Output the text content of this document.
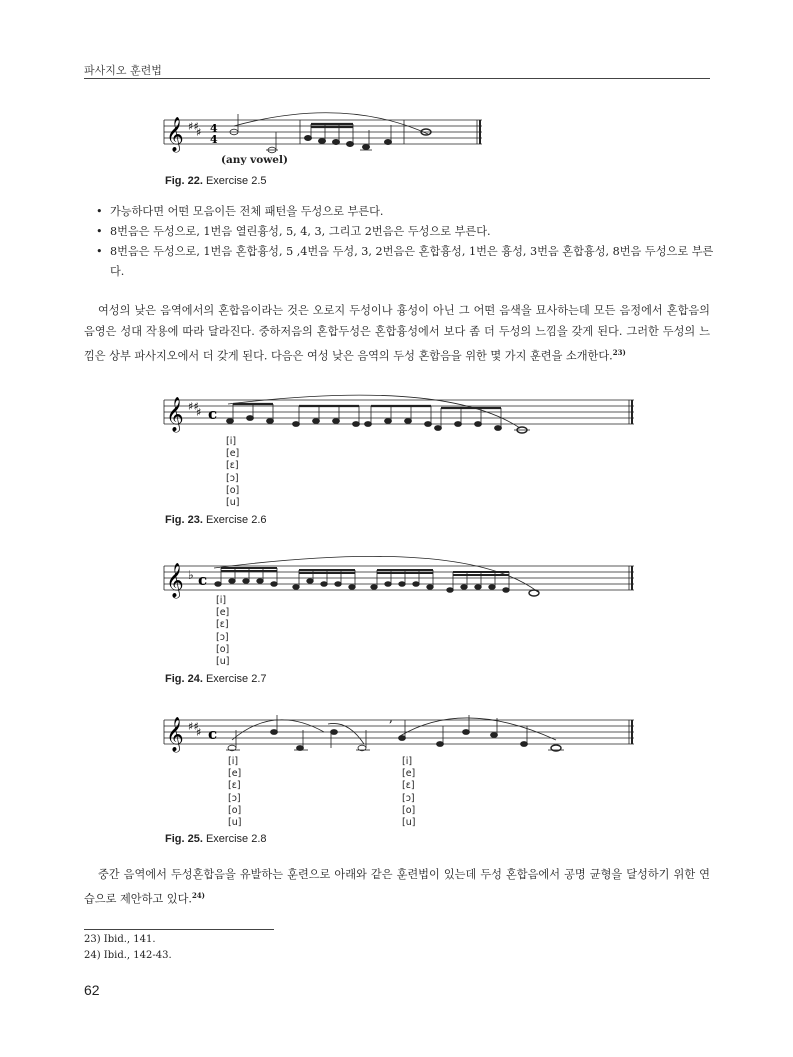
파사지오 훈련법
𝄞 ♯♯
♯ 4
4
(any vowel)
Fig. 22. Exercise 2.5
• 가능하다면 어떤 모음이든 전체 패턴을 두성으로 부른다.
• 8번음은 두성으로, 1번음 열린흉성, 5, 4, 3, 그리고 2번음은 두성으로 부른다.
• 8번음은 두성으로, 1번음 혼합흉성, 5 ,4번음 두성, 3, 2번음은 혼합흉성, 1번은 흉성, 3번음 혼합흉성, 8번음 두성으로 부른다.
여성의 낮은 음역에서의 혼합음이라는 것은 오로지 두성이나 흉성이 아닌 그 어떤 음색을 묘사하는데 모든 음정에서 혼합음의 음영은 성대 작용에 따라 달라진다. 중하저음의 혼합두성은 혼합흉성에서 보다 좀 더 두성의 느낌을 갖게 된다. 그러한 두성의 느낌은 상부 파사지오에서 더 갖게 된다. 다음은 여성 낮은 음역의 두성 혼합음을 위한 몇 가지 훈련을 소개한다.$^{23)}$
𝄞 ♯♯
♯ c
[i]
[e]
[ɛ]
[ɔ]
[o]
[u]
Fig. 23. Exercise 2.6
𝄞 ♭ c
[i]
[e]
[ɛ]
[ɔ]
[o]
[u]
Fig. 24. Exercise 2.7
𝄞 ♯♯
♯ c
,
[i]
[e]
[ɛ]
[ɔ]
[o]
[u]
[i]
[e]
[ɛ]
[ɔ]
[o]
[u]
Fig. 25. Exercise 2.8
중간 음역에서 두성혼합음을 유발하는 훈련으로 아래와 같은 훈련법이 있는데 두성 혼합음에서 공명 균형을 달성하기 위한 연습으로 제안하고 있다.$^{24)}$
23) Ibid., 141.
24) Ibid., 142-43.
62
